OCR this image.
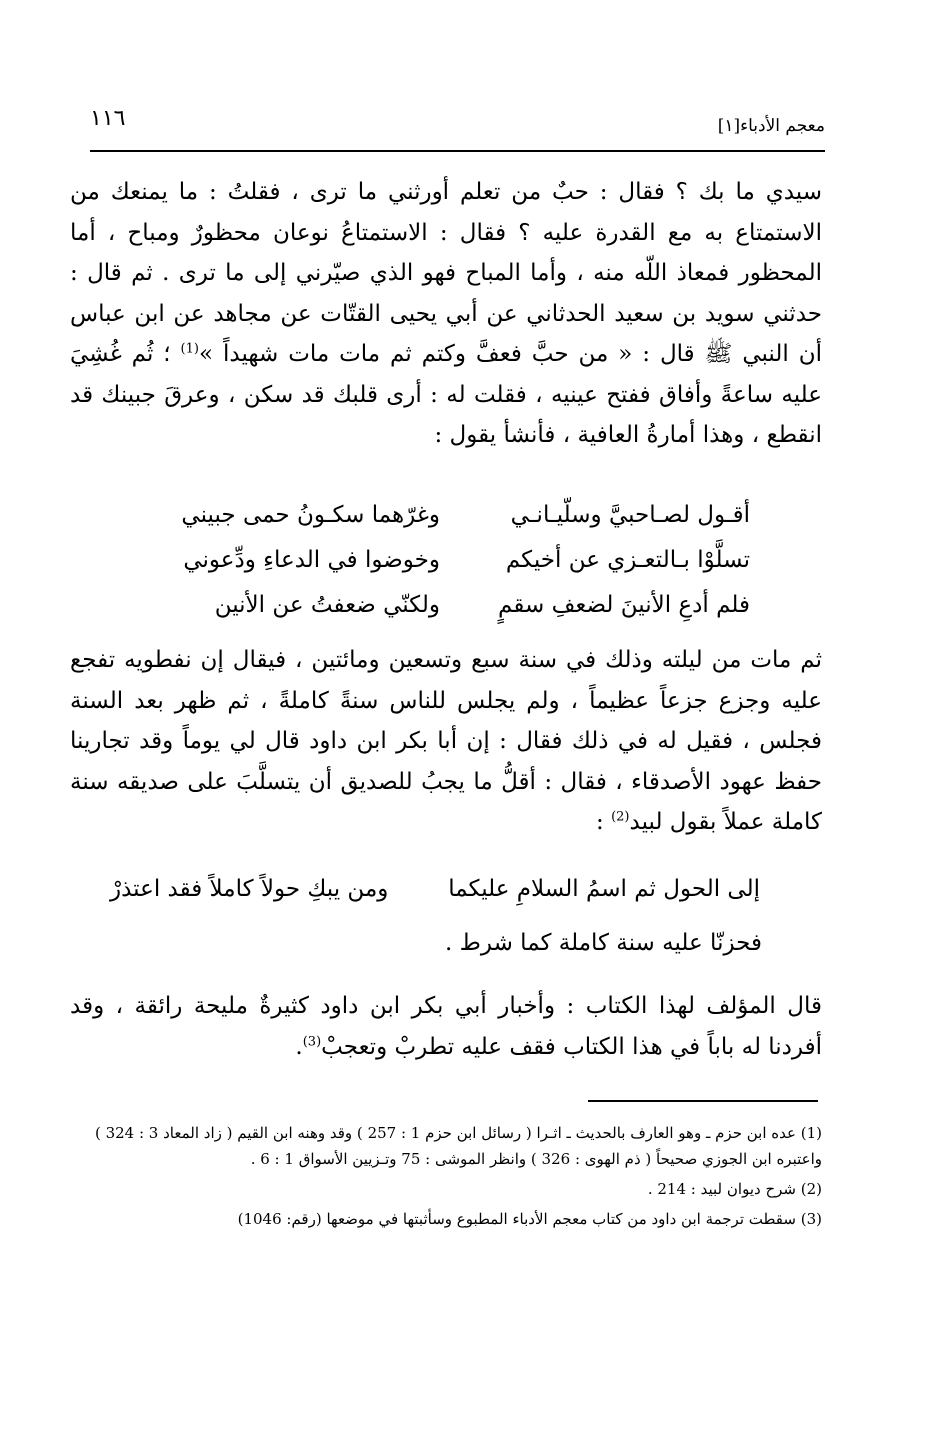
١١٦	معجم الأدباء[١]

سيدي ما بك ؟ فقال : حبٌ من تعلم أورثني ما ترى ، فقلتُ : ما يمنعك من الاستمتاع به مع القدرة عليه ؟ فقال : الاستمتاعُ نوعان محظورٌ ومباح ، أما المحظور فمعاذ اللّه منه ، وأما المباح فهو الذي صيّرني إلى ما ترى . ثم قال : حدثني سويد بن سعيد الحدثاني عن أبي يحيى القتّات عن مجاهد عن ابن عباس أن النبي ﷺ قال : « من حبَّ فعفَّ وكتم ثم مات مات شهيداً »$^{(1)}$ ؛ ثُم غُشِيَ عليه ساعةً وأفاق ففتح عينيه ، فقلت له : أرى قلبك قد سكن ، وعرقَ جبينك قد انقطع ، وهذا أمارةُ العافية ، فأنشأ يقول :

أقـول لصـاحبيَّ وسلّيـانـي
وغرّهما سكـونُ حمى جبيني
تسلَّوْا بـالتعـزي عن أخيكم
وخوضوا في الدعاءِ ودِّعوني
فلم أدعِ الأنينَ لضعفِ سقمٍ
ولكنّي ضعفتُ عن الأنين

ثم مات من ليلته وذلك في سنة سبع وتسعين ومائتين ، فيقال إن نفطويه تفجع عليه وجزع جزعاً عظيماً ، ولم يجلس للناس سنةً كاملةً ، ثم ظهر بعد السنة فجلس ، فقيل له في ذلك فقال : إن أبا بكر ابن داود قال لي يوماً وقد تجارينا حفظ عهود الأصدقاء ، فقال : أقلُّ ما يجبُ للصديق أن يتسلَّبَ على صديقه سنة كاملة عملاً بقول لبيد$^{(2)}$ :

إلى الحول ثم اسمُ السلامِ عليكما
ومن يبكِ حولاً كاملاً فقد اعتذرْ
فحزنّا عليه سنة كاملة كما شرط .

قال المؤلف لهذا الكتاب : وأخبار أبي بكر ابن داود كثيرةٌ مليحة رائقة ، وقد أفردنا له باباً في هذا الكتاب فقف عليه تطربْ وتعجبْ$^{(3)}$.

(1) عده ابن حزم ـ وهو العارف بالحديث ـ اثـرا ( رسائل ابن حزم 1 : 257 ) وقد وهنه ابن القيم ( زاد المعاد 3 : 324 ) واعتبره ابن الجوزي صحيحاً ( ذم الهوى : 326 ) وانظر الموشى : 75 وتـزيين الأسواق 1 : 6 .

(2) شرح ديوان لبيد : 214 .

(3) سقطت ترجمة ابن داود من كتاب معجم الأدباء المطبوع وسأثبتها في موضعها (رقم: 1046)
